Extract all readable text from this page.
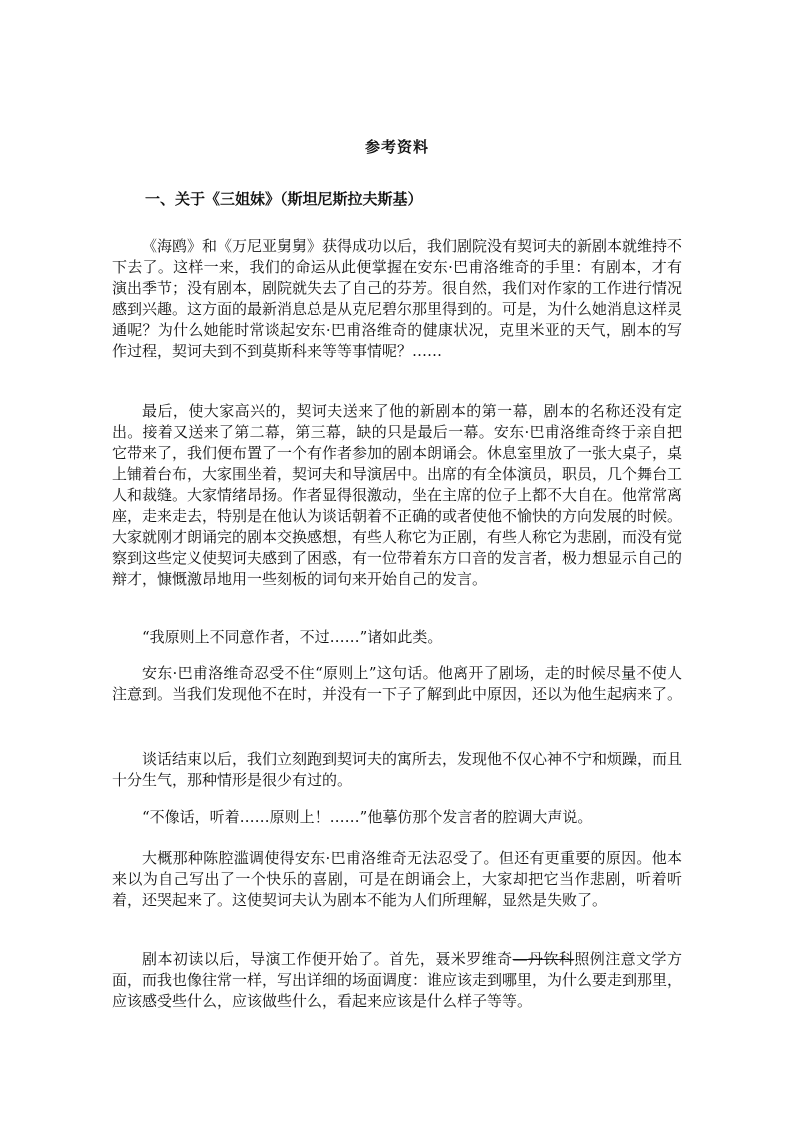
参考资料
一、关于《三姐妹》（斯坦尼斯拉夫斯基）

《海鸥》和《万尼亚舅舅》获得成功以后，我们剧院没有契诃夫的新剧本就维持不下去了。这样一来，我们的命运从此便掌握在安东·巴甫洛维奇的手里：有剧本，才有演出季节；没有剧本，剧院就失去了自己的芬芳。很自然，我们对作家的工作进行情况感到兴趣。这方面的最新消息总是从克尼碧尔那里得到的。可是，为什么她消息这样灵通呢？为什么她能时常谈起安东·巴甫洛维奇的健康状况，克里米亚的天气，剧本的写作过程，契诃夫到不到莫斯科来等等事情呢？……

最后，使大家高兴的，契诃夫送来了他的新剧本的第一幕，剧本的名称还没有定出。接着又送来了第二幕，第三幕，缺的只是最后一幕。安东·巴甫洛维奇终于亲自把它带来了，我们便布置了一个有作者参加的剧本朗诵会。休息室里放了一张大桌子，桌上铺着台布，大家围坐着，契诃夫和导演居中。出席的有全体演员，职员，几个舞台工人和裁缝。大家情绪昂扬。作者显得很激动，坐在主席的位子上都不大自在。他常常离座，走来走去，特别是在他认为谈话朝着不正确的或者使他不愉快的方向发展的时候。大家就刚才朗诵完的剧本交换感想，有些人称它为正剧，有些人称它为悲剧，而没有觉察到这些定义使契诃夫感到了困惑，有一位带着东方口音的发言者，极力想显示自己的辩才，慷慨激昂地用一些刻板的词句来开始自己的发言。

“我原则上不同意作者，不过……”诸如此类。

安东·巴甫洛维奇忍受不住“原则上”这句话。他离开了剧场，走的时候尽量不使人注意到。当我们发现他不在时，并没有一下子了解到此中原因，还以为他生起病来了。

谈话结束以后，我们立刻跑到契诃夫的寓所去，发现他不仅心神不宁和烦躁，而且十分生气，那种情形是很少有过的。

“不像话，听着……原则上！……”他摹仿那个发言者的腔调大声说。

大概那种陈腔滥调使得安东·巴甫洛维奇无法忍受了。但还有更重要的原因。他本来以为自己写出了一个快乐的喜剧，可是在朗诵会上，大家却把它当作悲剧，听着听着，还哭起来了。这使契诃夫认为剧本不能为人们所理解，显然是失败了。

剧本初读以后，导演工作便开始了。首先，聂米罗维奇—丹钦科照例注意文学方面，而我也像往常一样，写出详细的场面调度：谁应该走到哪里，为什么要走到那里，应该感受些什么，应该做些什么，看起来应该是什么样子等等。
